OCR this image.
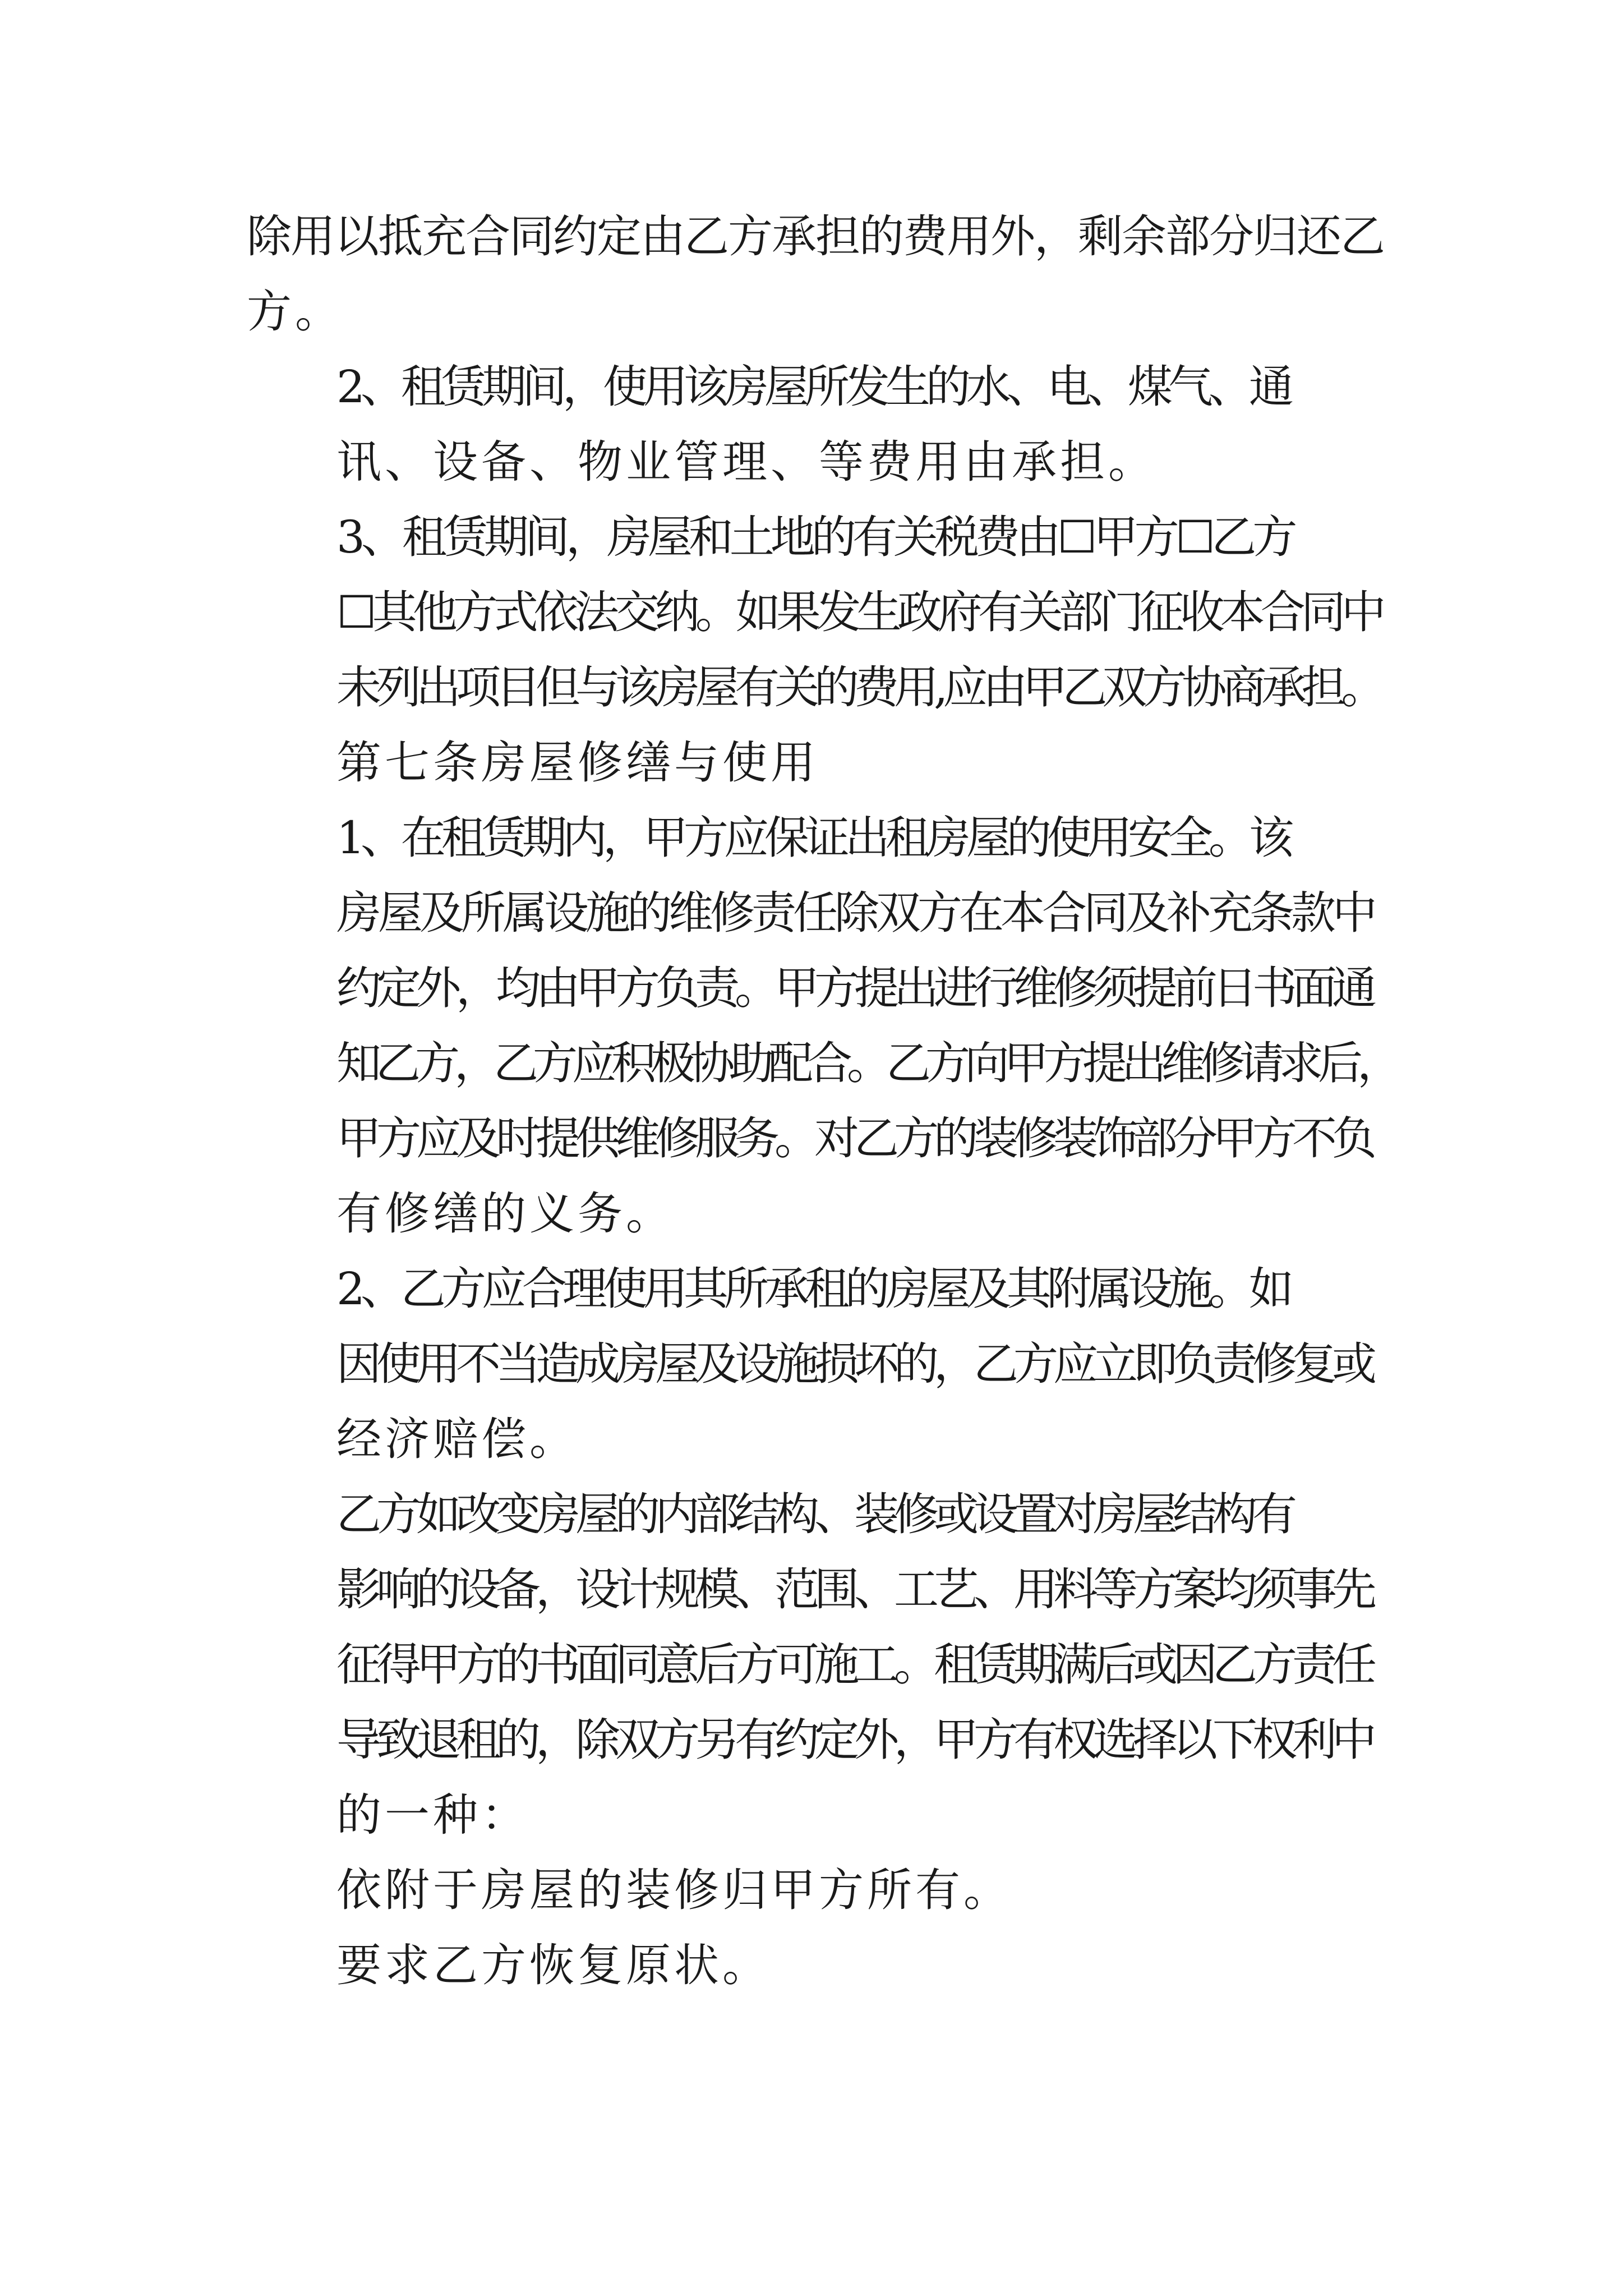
除用以抵充合同约定由乙方承担的费用外，剩余部分归还乙
方。

2、租赁期间，使用该房屋所发生的水、电、煤气、通
讯、设备、物业管理、等费用由承担。

3、租赁期间，房屋和土地的有关税费由☐甲方☐乙方
☐其他方式依法交纳。如果发生政府有关部门征收本合同中
未列出项目但与该房屋有关的费用,应由甲乙双方协商承担。

第七条房屋修缮与使用

1、在租赁期内，甲方应保证出租房屋的使用安全。该
房屋及所属设施的维修责任除双方在本合同及补充条款中
约定外，均由甲方负责。甲方提出进行维修须提前日书面通
知乙方，乙方应积极协助配合。乙方向甲方提出维修请求后，
甲方应及时提供维修服务。对乙方的装修装饰部分甲方不负
有修缮的义务。

2、乙方应合理使用其所承租的房屋及其附属设施。如
因使用不当造成房屋及设施损坏的，乙方应立即负责修复或
经济赔偿。

乙方如改变房屋的内部结构、装修或设置对房屋结构有
影响的设备，设计规模、范围、工艺、用料等方案均须事先
征得甲方的书面同意后方可施工。租赁期满后或因乙方责任
导致退租的，除双方另有约定外，甲方有权选择以下权利中
的一种：

依附于房屋的装修归甲方所有。

要求乙方恢复原状。
